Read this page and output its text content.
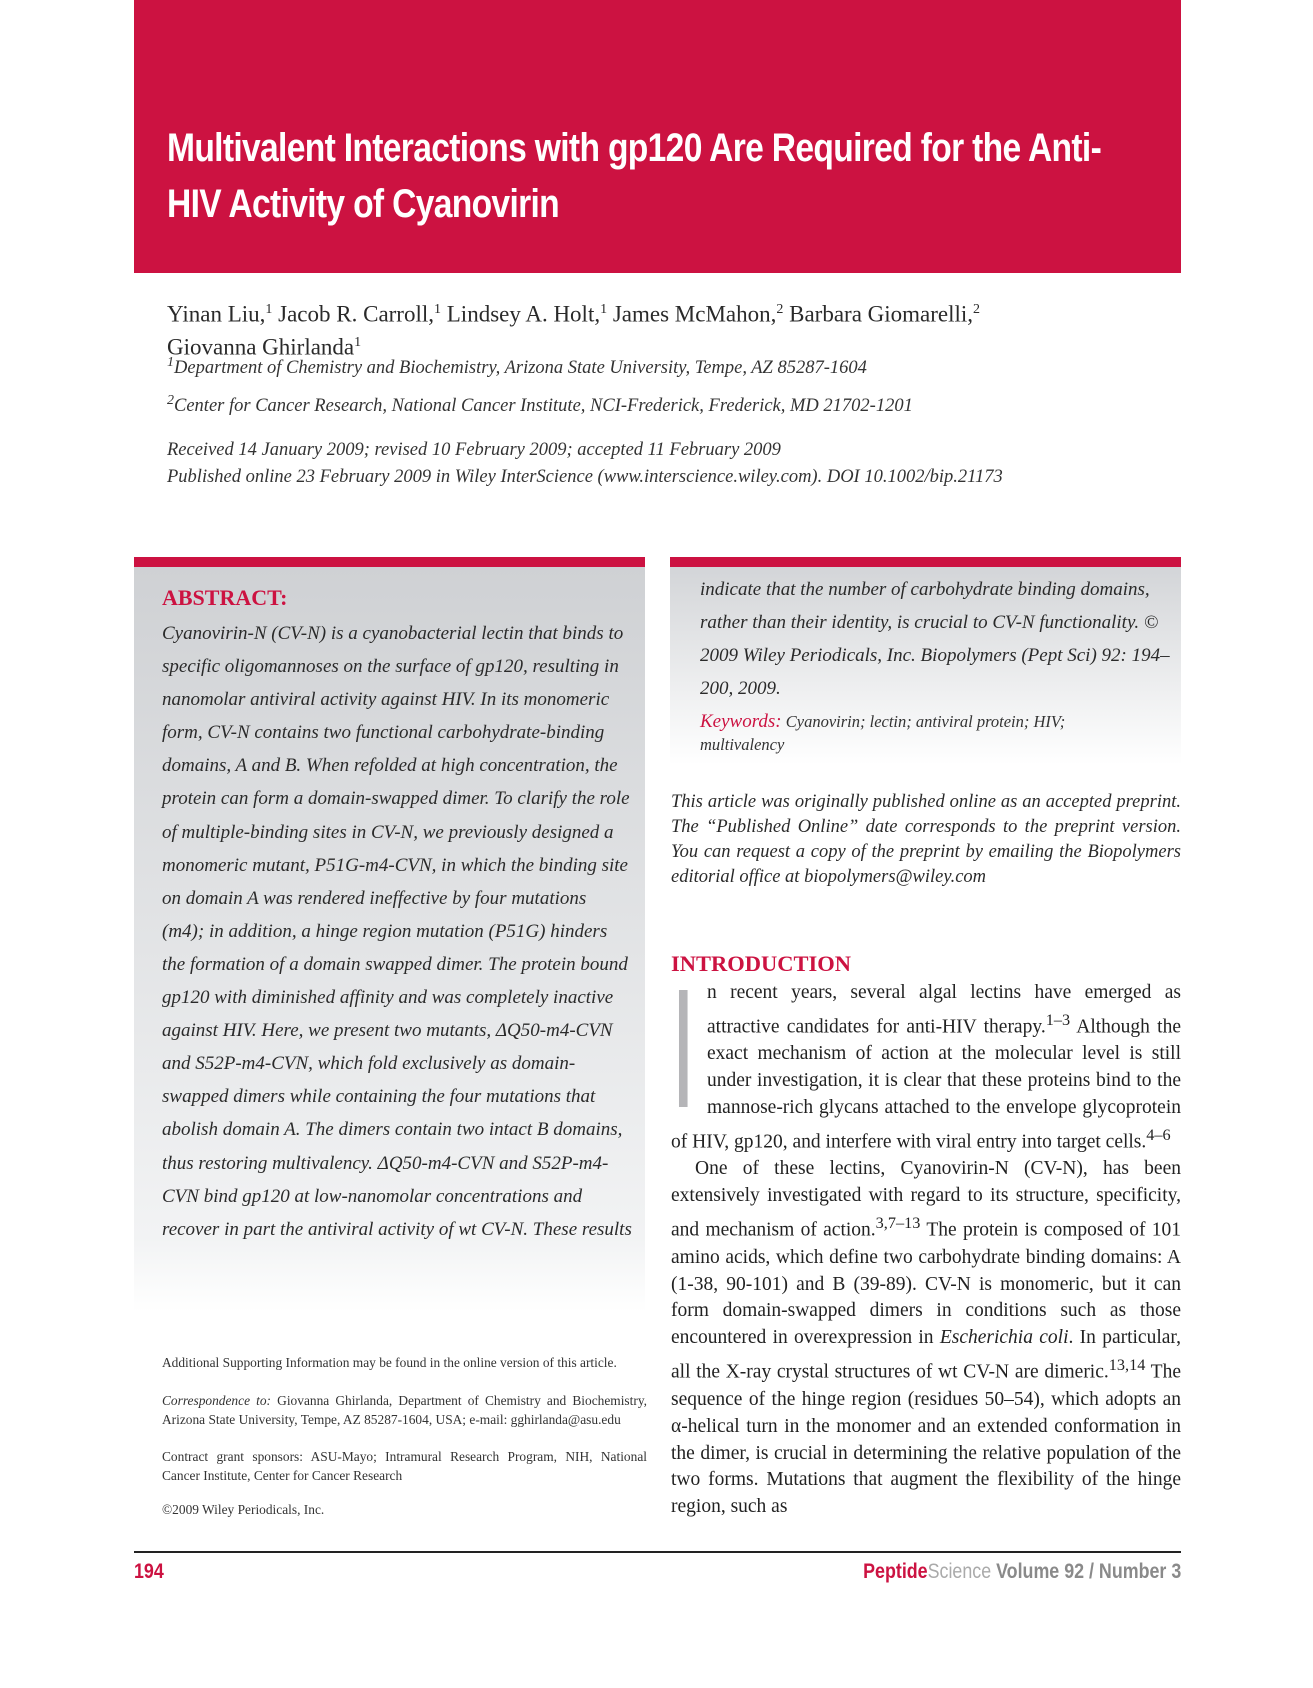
Multivalent Interactions with gp120 Are Required for the Anti-HIV Activity of Cyanovirin
Yinan Liu,$^1$ Jacob R. Carroll,$^1$ Lindsey A. Holt,$^1$ James McMahon,$^2$ Barbara Giomarelli,$^2$
Giovanna Ghirlanda$^1$
$^1$Department of Chemistry and Biochemistry, Arizona State University, Tempe, AZ 85287-1604
$^2$Center for Cancer Research, National Cancer Institute, NCI-Frederick, Frederick, MD 21702-1201
Received 14 January 2009; revised 10 February 2009; accepted 11 February 2009
Published online 23 February 2009 in Wiley InterScience (www.interscience.wiley.com). DOI 10.1002/bip.21173
ABSTRACT:
Cyanovirin-N (CV-N) is a cyanobacterial lectin that binds to specific oligomannoses on the surface of gp120, resulting in nanomolar antiviral activity against HIV. In its monomeric form, CV-N contains two functional carbohydrate-binding domains, A and B. When refolded at high concentration, the protein can form a domain-swapped dimer. To clarify the role of multiple-binding sites in CV-N, we previously designed a monomeric mutant, P51G-m4-CVN, in which the binding site on domain A was rendered ineffective by four mutations (m4); in addition, a hinge region mutation (P51G) hinders the formation of a domain swapped dimer. The protein bound gp120 with diminished affinity and was completely inactive against HIV. Here, we present two mutants, ΔQ50-m4-CVN and S52P-m4-CVN, which fold exclusively as domain-swapped dimers while containing the four mutations that abolish domain A. The dimers contain two intact B domains, thus restoring multivalency. ΔQ50-m4-CVN and S52P-m4-CVN bind gp120 at low-nanomolar concentrations and recover in part the antiviral activity of wt CV-N. These results
indicate that the number of carbohydrate binding domains, rather than their identity, is crucial to CV-N functionality. © 2009 Wiley Periodicals, Inc. Biopolymers (Pept Sci) 92: 194–200, 2009.
Keywords: Cyanovirin; lectin; antiviral protein; HIV; multivalency
This article was originally published online as an accepted preprint. The “Published Online” date corresponds to the preprint version. You can request a copy of the preprint by emailing the Biopolymers editorial office at biopolymers@wiley.com
INTRODUCTION

I n recent years, several algal lectins have emerged as attractive candidates for anti-HIV therapy.$^{1-3}$ Although the exact mechanism of action at the molecular level is still under investigation, it is clear that these proteins bind to the mannose-rich glycans attached to the envelope glycoprotein of HIV, gp120, and interfere with viral entry into target cells.$^{4-6}$

One of these lectins, Cyanovirin-N (CV-N), has been extensively investigated with regard to its structure, specificity, and mechanism of action.$^{3,7-13}$ The protein is composed of 101 amino acids, which define two carbohydrate binding domains: A (1-38, 90-101) and B (39-89). CV-N is monomeric, but it can form domain-swapped dimers in conditions such as those encountered in overexpression in Escherichia coli. In particular, all the X-ray crystal structures of wt CV-N are dimeric.$^{13,14}$ The sequence of the hinge region (residues 50–54), which adopts an α-helical turn in the monomer and an extended conformation in the dimer, is crucial in determining the relative population of the two forms. Mutations that augment the flexibility of the hinge region, such as

Additional Supporting Information may be found in the online version of this article.
Correspondence to: Giovanna Ghirlanda, Department of Chemistry and Biochemistry, Arizona State University, Tempe, AZ 85287-1604, USA; e-mail: gghirlanda@asu.edu
Contract grant sponsors: ASU-Mayo; Intramural Research Program, NIH, National Cancer Institute, Center for Cancer Research
©2009 Wiley Periodicals, Inc.
194	PeptideScience Volume 92 / Number 3
